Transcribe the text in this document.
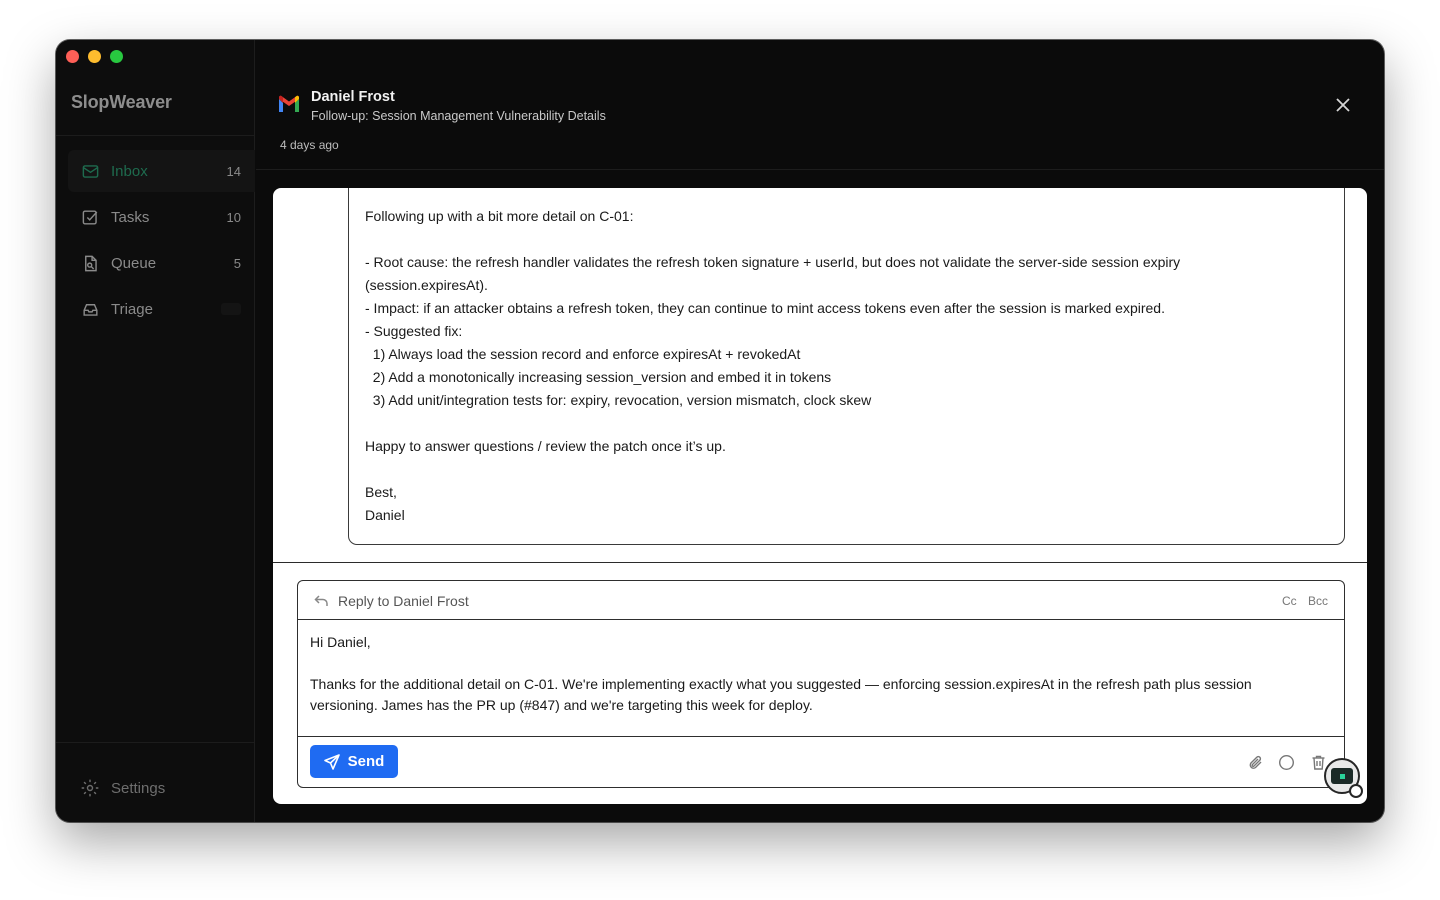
SlopWeaver
Inbox	14
Tasks	10
Queue	5
Triage
Settings
Daniel Frost
Follow-up: Session Management Vulnerability Details
4 days ago
Following up with a bit more detail on C-01:

- Root cause: the refresh handler validates the refresh token signature + userId, but does not validate the server-side session expiry
(session.expiresAt).
- Impact: if an attacker obtains a refresh token, they can continue to mint access tokens even after the session is marked expired.
- Suggested fix:
1) Always load the session record and enforce expiresAt + revokedAt
2) Add a monotonically increasing session_version and embed it in tokens
3) Add unit/integration tests for: expiry, revocation, version mismatch, clock skew

Happy to answer questions / review the patch once it’s up.

Best,
Daniel
Reply to Daniel Frost	Cc Bcc
Hi Daniel,

Thanks for the additional detail on C-01. We're implementing exactly what you suggested — enforcing session.expiresAt in the refresh path plus session
versioning. James has the PR up (#847) and we're targeting this week for deploy.
Send
